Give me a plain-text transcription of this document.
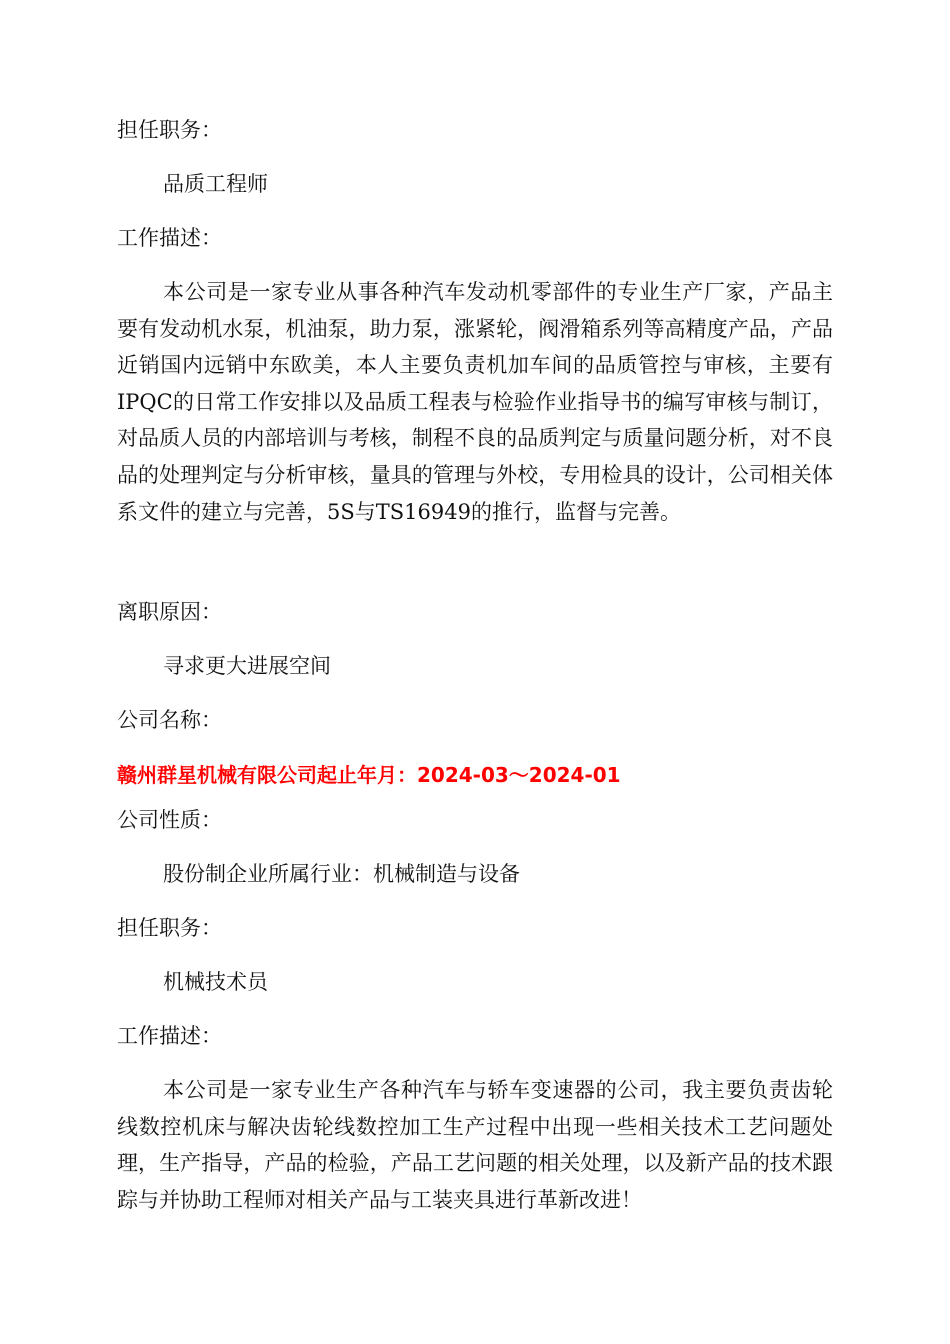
担任职务：

品质工程师

工作描述：

本公司是一家专业从事各种汽车发动机零部件的专业生产厂家，产品主要有发动机水泵，机油泵，助力泵，涨紧轮，阀滑箱系列等高精度产品，产品近销国内远销中东欧美，本人主要负责机加车间的品质管控与审核，主要有IPQC的日常工作安排以及品质工程表与检验作业指导书的编写审核与制订，对品质人员的内部培训与考核，制程不良的品质判定与质量问题分析，对不良品的处理判定与分析审核，量具的管理与外校，专用检具的设计，公司相关体系文件的建立与完善，5S与TS16949的推行，监督与完善。

离职原因：

寻求更大进展空间

公司名称：

赣州群星机械有限公司起止年月：2024-03～2024-01

公司性质：

股份制企业所属行业：机械制造与设备

担任职务：

机械技术员

工作描述：

本公司是一家专业生产各种汽车与轿车变速器的公司，我主要负责齿轮线数控机床与解决齿轮线数控加工生产过程中出现一些相关技术工艺问题处理，生产指导，产品的检验，产品工艺问题的相关处理，以及新产品的技术跟踪与并协助工程师对相关产品与工装夹具进行革新改进！
